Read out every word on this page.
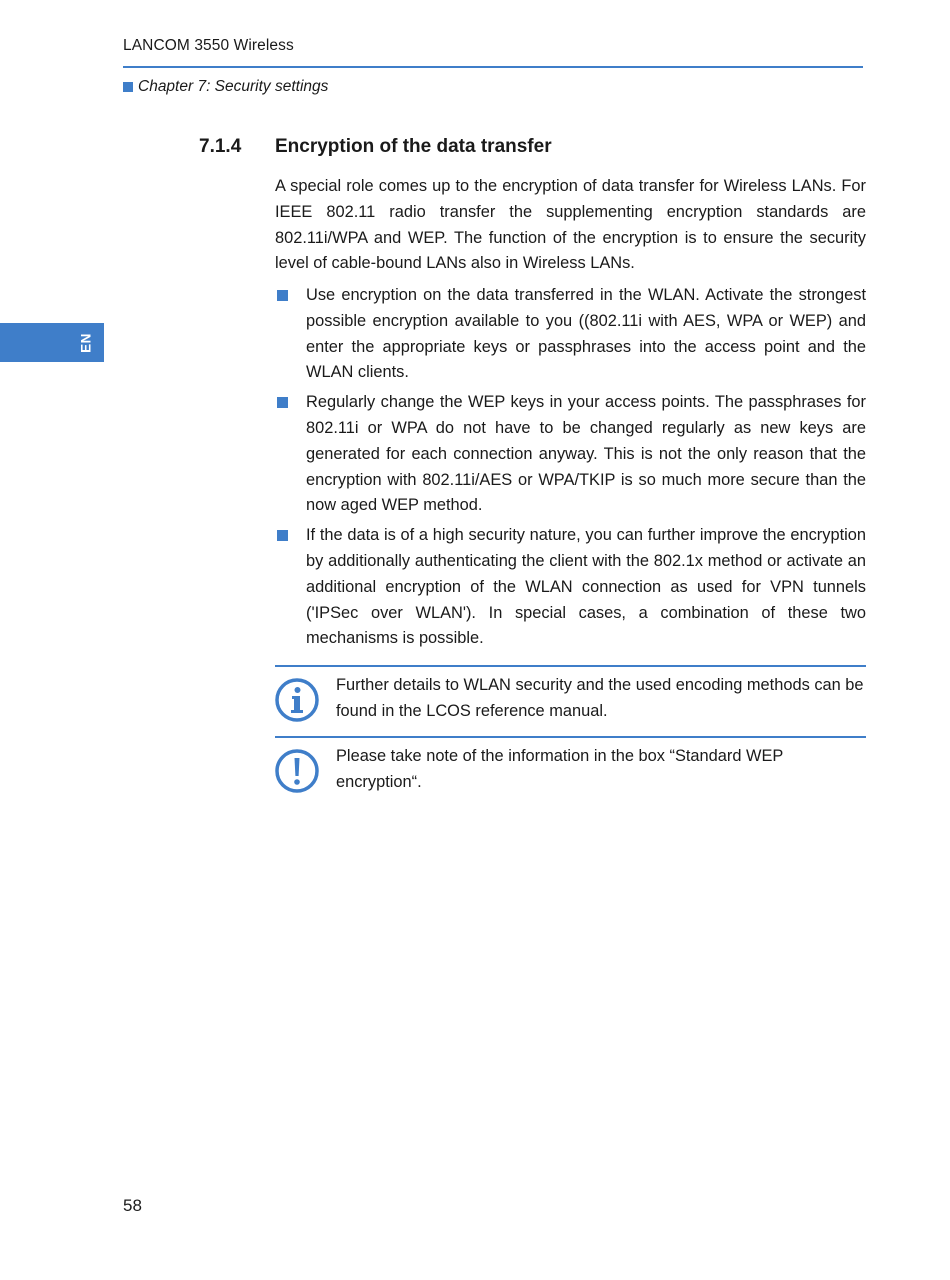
LANCOM 3550 Wireless
Chapter 7: Security settings
EN
7.1.4 Encryption of the data transfer
A special role comes up to the encryption of data transfer for Wireless LANs. For IEEE 802.11 radio transfer the supplementing encryption standards are 802.11i/WPA and WEP. The function of the encryption is to ensure the security level of cable-bound LANs also in Wireless LANs.
Use encryption on the data transferred in the WLAN. Activate the strongest possible encryption available to you ((802.11i with AES, WPA or WEP) and enter the appropriate keys or passphrases into the access point and the WLAN clients.
Regularly change the WEP keys in your access points. The passphrases for 802.11i or WPA do not have to be changed regularly as new keys are generated for each connection anyway. This is not the only reason that the encryption with 802.11i/AES or WPA/TKIP is so much more secure than the now aged WEP method.
If the data is of a high security nature, you can further improve the encryption by additionally authenticating the client with the 802.1x method or activate an additional encryption of the WLAN connection as used for VPN tunnels ('IPSec over WLAN'). In special cases, a combination of these two mechanisms is possible.
Further details to WLAN security and the used encoding methods can be found in the LCOS reference manual.
Please take note of the information in the box “Standard WEP encryption“.
58
